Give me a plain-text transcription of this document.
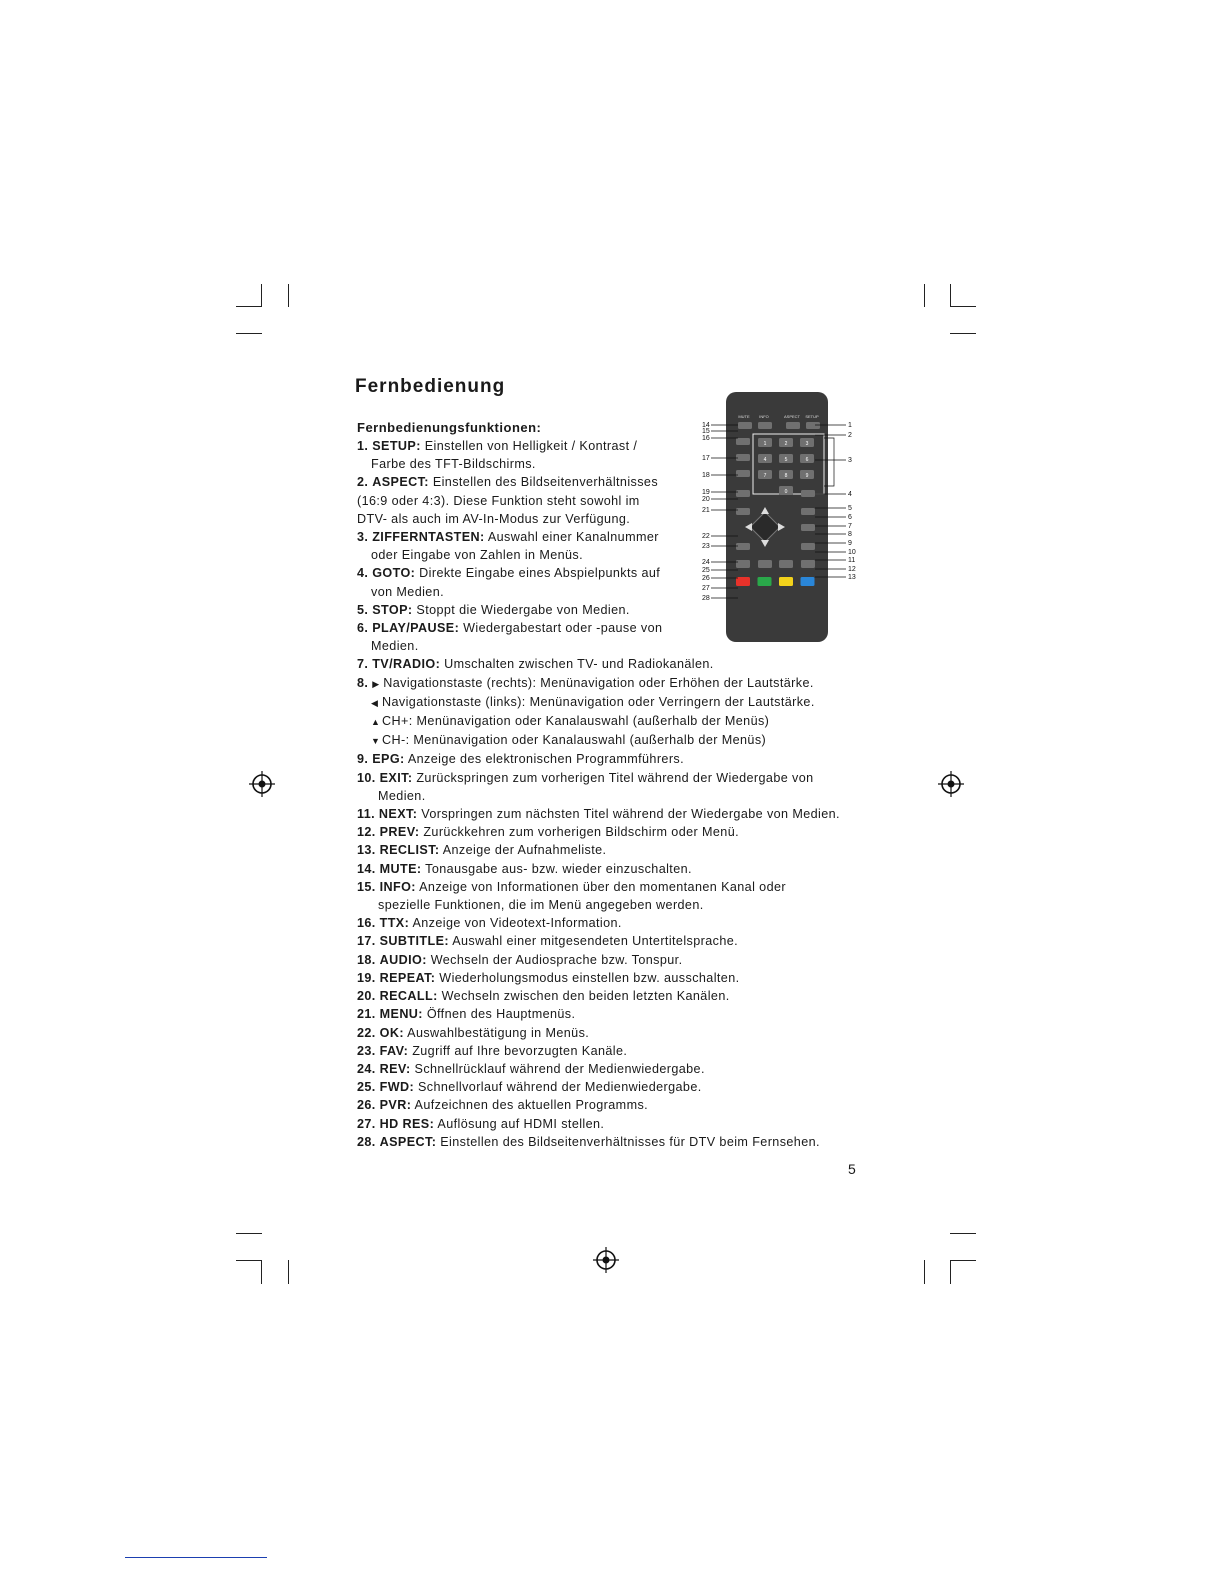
Fernbedienung
Fernbedienungsfunktionen:
MUTE INFO	ASPECT SETUP
1	2	3
4	5	6
7	8	9
0
14
15
16
17
18
19
20
21
22
23
24
25
26
27
28
1
2
3
4
5
6
7
8
9
10
11
12
13
1. SETUP: Einstellen von Helligkeit / Kontrast /
Farbe des TFT-Bildschirms.
2. ASPECT: Einstellen des Bildseitenverhältnisses
(16:9 oder 4:3). Diese Funktion steht sowohl im
DTV- als auch im AV-In-Modus zur Verfügung.
3. ZIFFERNTASTEN: Auswahl einer Kanalnummer
oder Eingabe von Zahlen in Menüs.
4. GOTO: Direkte Eingabe eines Abspielpunkts auf
von Medien.
5. STOP: Stoppt die Wiedergabe von Medien.
6. PLAY/PAUSE: Wiedergabestart oder -pause von
Medien.
7. TV/RADIO: Umschalten zwischen TV- und Radiokanälen.
8. ▶ Navigationstaste (rechts): Menünavigation oder Erhöhen der Lautstärke.
◀ Navigationstaste (links): Menünavigation oder Verringern der Lautstärke.
▲ CH+: Menünavigation oder Kanalauswahl (außerhalb der Menüs)
▼ CH-: Menünavigation oder Kanalauswahl (außerhalb der Menüs)
9. EPG: Anzeige des elektronischen Programmführers.
10. EXIT: Zurückspringen zum vorherigen Titel während der Wiedergabe von
Medien.
11. NEXT: Vorspringen zum nächsten Titel während der Wiedergabe von Medien.
12. PREV: Zurückkehren zum vorherigen Bildschirm oder Menü.
13. RECLIST: Anzeige der Aufnahmeliste.
14. MUTE: Tonausgabe aus- bzw. wieder einzuschalten.
15. INFO: Anzeige von Informationen über den momentanen Kanal oder
spezielle Funktionen, die im Menü angegeben werden.
16. TTX: Anzeige von Videotext-Information.
17. SUBTITLE: Auswahl einer mitgesendeten Untertitelsprache.
18. AUDIO: Wechseln der Audiosprache bzw. Tonspur.
19. REPEAT: Wiederholungsmodus einstellen bzw. ausschalten.
20. RECALL: Wechseln zwischen den beiden letzten Kanälen.
21. MENU: Öffnen des Hauptmenüs.
22. OK: Auswahlbestätigung in Menüs.
23. FAV: Zugriff auf Ihre bevorzugten Kanäle.
24. REV: Schnellrücklauf während der Medienwiedergabe.
25. FWD: Schnellvorlauf während der Medienwiedergabe.
26. PVR: Aufzeichnen des aktuellen Programms.
27. HD RES: Auflösung auf HDMI stellen.
28. ASPECT: Einstellen des Bildseitenverhältnisses für DTV beim Fernsehen.
5
